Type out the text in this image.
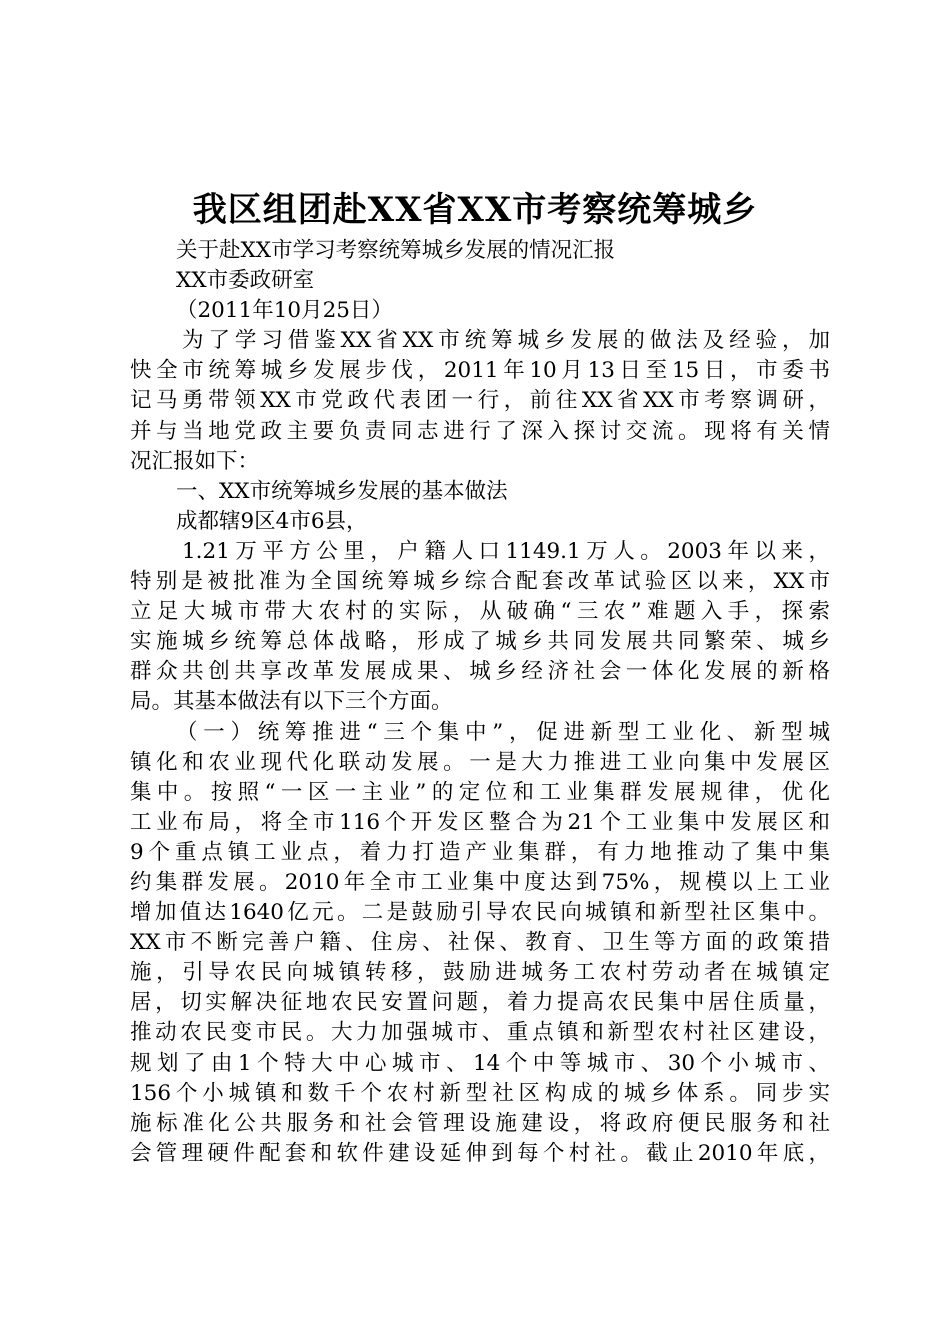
我区组团赴XX省XX市考察统筹城乡
关于赴XX市学习考察统筹城乡发展的情况汇报
XX市委政研室
（2011年10月25日）
为了学习借鉴XX省XX市统筹城乡发展的做法及经验，加
快全市统筹城乡发展步伐，2011年10月13日至15日，市委书
记马勇带领XX市党政代表团一行，前往XX省XX市考察调研，
并与当地党政主要负责同志进行了深入探讨交流。现将有关情
况汇报如下：
一、XX市统筹城乡发展的基本做法
成都辖9区4市6县，
1.21万平方公里，户籍人口1149.1万人。2003年以来，
特别是被批准为全国统筹城乡综合配套改革试验区以来，XX市
立足大城市带大农村的实际，从破确“三农”难题入手，探索
实施城乡统筹总体战略，形成了城乡共同发展共同繁荣、城乡
群众共创共享改革发展成果、城乡经济社会一体化发展的新格
局。其基本做法有以下三个方面。
（一）统筹推进“三个集中”，促进新型工业化、新型城
镇化和农业现代化联动发展。一是大力推进工业向集中发展区
集中。按照“一区一主业”的定位和工业集群发展规律，优化
工业布局，将全市116个开发区整合为21个工业集中发展区和
9个重点镇工业点，着力打造产业集群，有力地推动了集中集
约集群发展。2010年全市工业集中度达到75%，规模以上工业
增加值达1640亿元。二是鼓励引导农民向城镇和新型社区集中。
XX市不断完善户籍、住房、社保、教育、卫生等方面的政策措
施，引导农民向城镇转移，鼓励进城务工农村劳动者在城镇定
居，切实解决征地农民安置问题，着力提高农民集中居住质量，
推动农民变市民。大力加强城市、重点镇和新型农村社区建设，
规划了由1个特大中心城市、14个中等城市、30个小城市、
156个小城镇和数千个农村新型社区构成的城乡体系。同步实
施标准化公共服务和社会管理设施建设，将政府便民服务和社
会管理硬件配套和软件建设延伸到每个村社。截止2010年底，
